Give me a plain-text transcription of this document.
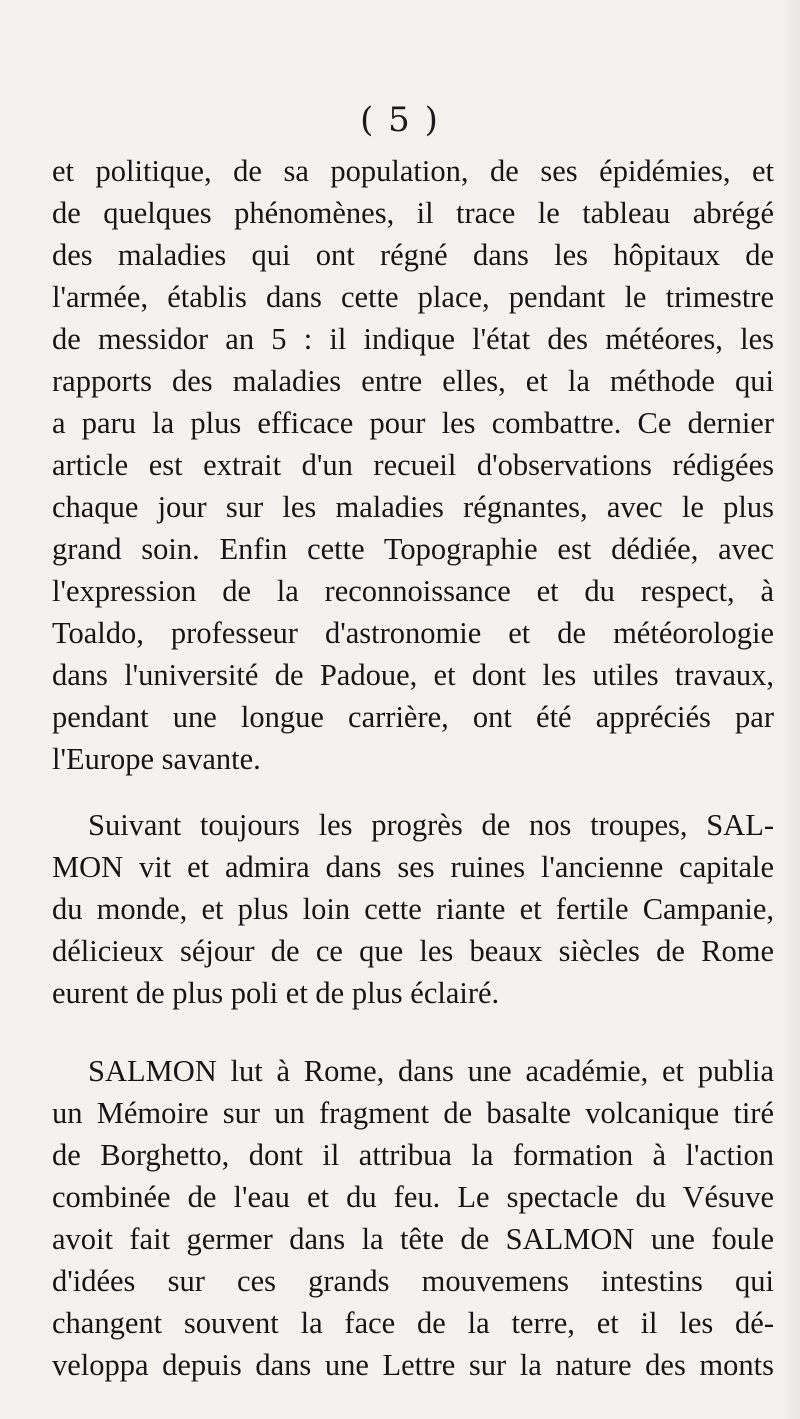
( 5 )

et politique, de sa population, de ses épidémies, et
de quelques phénomènes, il trace le tableau abrégé
des maladies qui ont régné dans les hôpitaux de
l'armée, établis dans cette place, pendant le trimestre
de messidor an 5 : il indique l'état des météores, les
rapports des maladies entre elles, et la méthode qui
a paru la plus efficace pour les combattre. Ce dernier
article est extrait d'un recueil d'observations rédigées
chaque jour sur les maladies régnantes, avec le plus
grand soin. Enfin cette Topographie est dédiée, avec
l'expression de la reconnoissance et du respect, à
Toaldo, professeur d'astronomie et de météorologie
dans l'université de Padoue, et dont les utiles travaux,
pendant une longue carrière, ont été appréciés par
l'Europe savante.

Suivant toujours les progrès de nos troupes, SAL-
MON vit et admira dans ses ruines l'ancienne capitale
du monde, et plus loin cette riante et fertile Campanie,
délicieux séjour de ce que les beaux siècles de Rome
eurent de plus poli et de plus éclairé.

SALMON lut à Rome, dans une académie, et publia
un Mémoire sur un fragment de basalte volcanique tiré
de Borghetto, dont il attribua la formation à l'action
combinée de l'eau et du feu. Le spectacle du Vésuve
avoit fait germer dans la tête de SALMON une foule
d'idées sur ces grands mouvemens intestins qui
changent souvent la face de la terre, et il les dé-
veloppa depuis dans une Lettre sur la nature des monts
